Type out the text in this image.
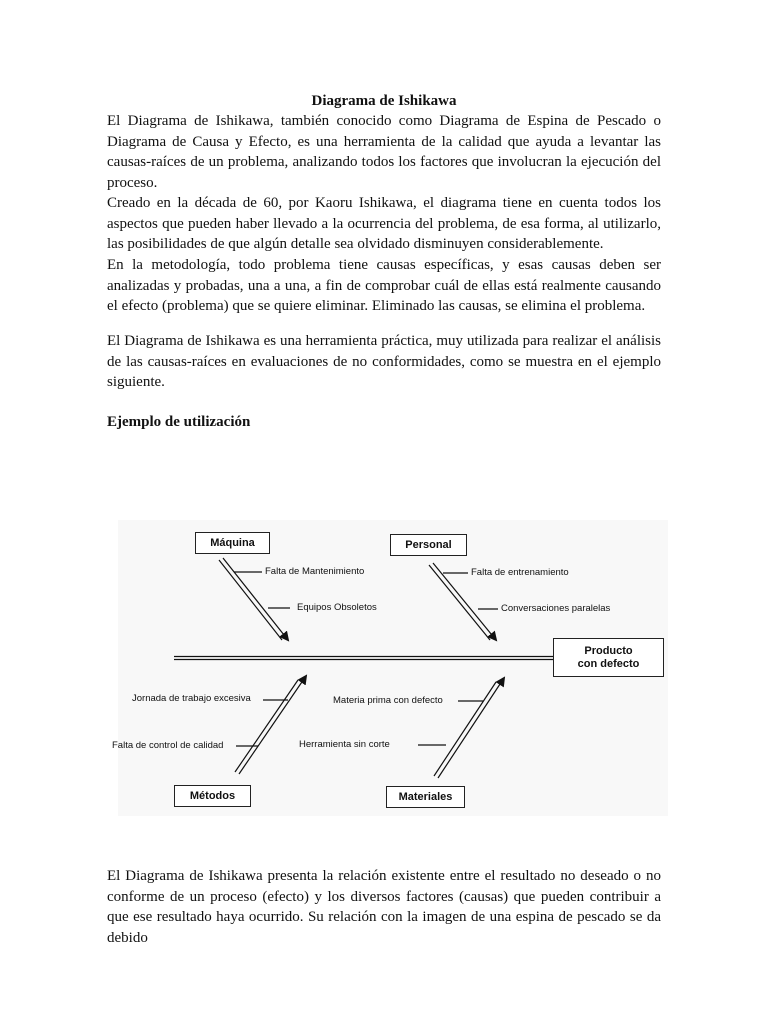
Diagrama de Ishikawa

El Diagrama de Ishikawa, también conocido como Diagrama de Espina de Pescado o Diagrama de Causa y Efecto, es una herramienta de la calidad que ayuda a levantar las causas-raíces de un problema, analizando todos los factores que involucran la ejecución del proceso.

Creado en la década de 60, por Kaoru Ishikawa, el diagrama tiene en cuenta todos los aspectos que pueden haber llevado a la ocurrencia del problema, de esa forma, al utilizarlo, las posibilidades de que algún detalle sea olvidado disminuyen considerablemente.

En la metodología, todo problema tiene causas específicas, y esas causas deben ser analizadas y probadas, una a una, a fin de comprobar cuál de ellas está realmente causando el efecto (problema) que se quiere eliminar. Eliminado las causas, se elimina el problema.

El Diagrama de Ishikawa es una herramienta práctica, muy utilizada para realizar el análisis de las causas-raíces en evaluaciones de no conformidades, como se muestra en el ejemplo siguiente.

Ejemplo de utilización
Máquina	Personal
Métodos	Materiales
Producto
con defecto
Falta de Mantenimiento
Equipos Obsoletos
Falta de entrenamiento
Conversaciones paralelas
Jornada de trabajo excesiva
Falta de control de calidad
Materia prima con defecto
Herramienta sin corte

El Diagrama de Ishikawa presenta la relación existente entre el resultado no deseado o no conforme de un proceso (efecto) y los diversos factores (causas) que pueden contribuir a que ese resultado haya ocurrido. Su relación con la imagen de una espina de pescado se da debido
